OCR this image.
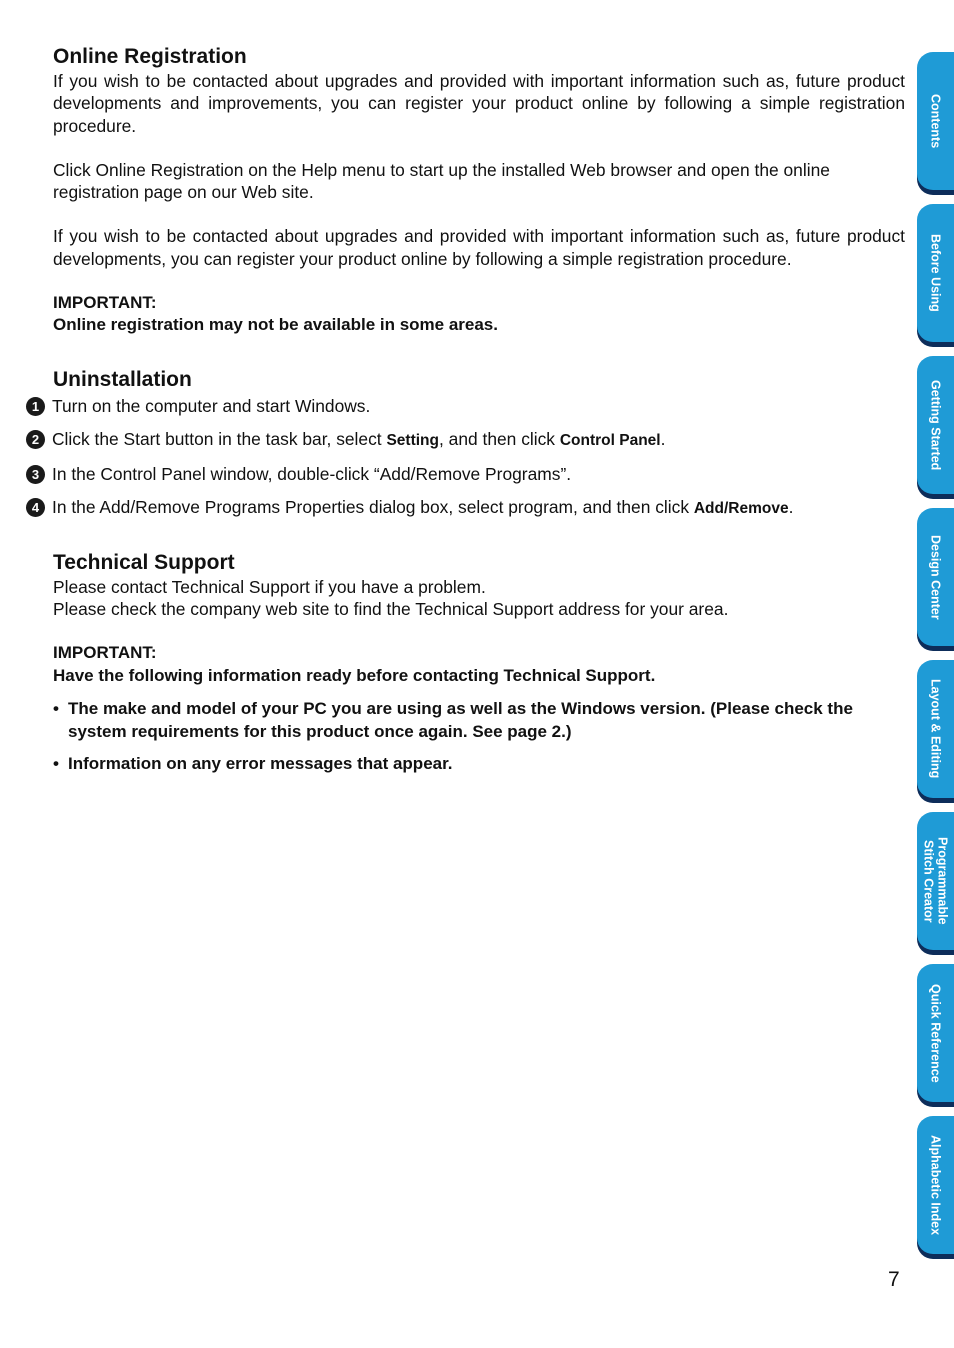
Online Registration

If you wish to be contacted about upgrades and provided with important information such as, future product developments and improvements, you can register your product online by following a simple registration procedure.

Click Online Registration on the Help menu to start up the installed Web browser and open the online registration page on our Web site.

If you wish to be contacted about upgrades and provided with important information such as, future product developments, you can register your product online by following a simple registration procedure.

IMPORTANT:

Online registration may not be available in some areas.

Uninstallation
1 Turn on the computer and start Windows.
2 Click the Start button in the task bar, select Setting, and then click Control Panel.
3 In the Control Panel window, double-click “Add/Remove Programs”.
4 In the Add/Remove Programs Properties dialog box, select program, and then click Add/Remove.
Technical Support

Please contact Technical Support if you have a problem.

Please check the company web site to find the Technical Support address for your area.

IMPORTANT:

Have the following information ready before contacting Technical Support.

• The make and model of your PC you are using as well as the Windows version. (Please check the system requirements for this product once again. See page 2.)
• Information on any error messages that appear.
Contents
Before Using
Getting Started
Design Center
Layout & Editing
Programmable
Stitch Creator
Quick Reference
Alphabetic Index
7
